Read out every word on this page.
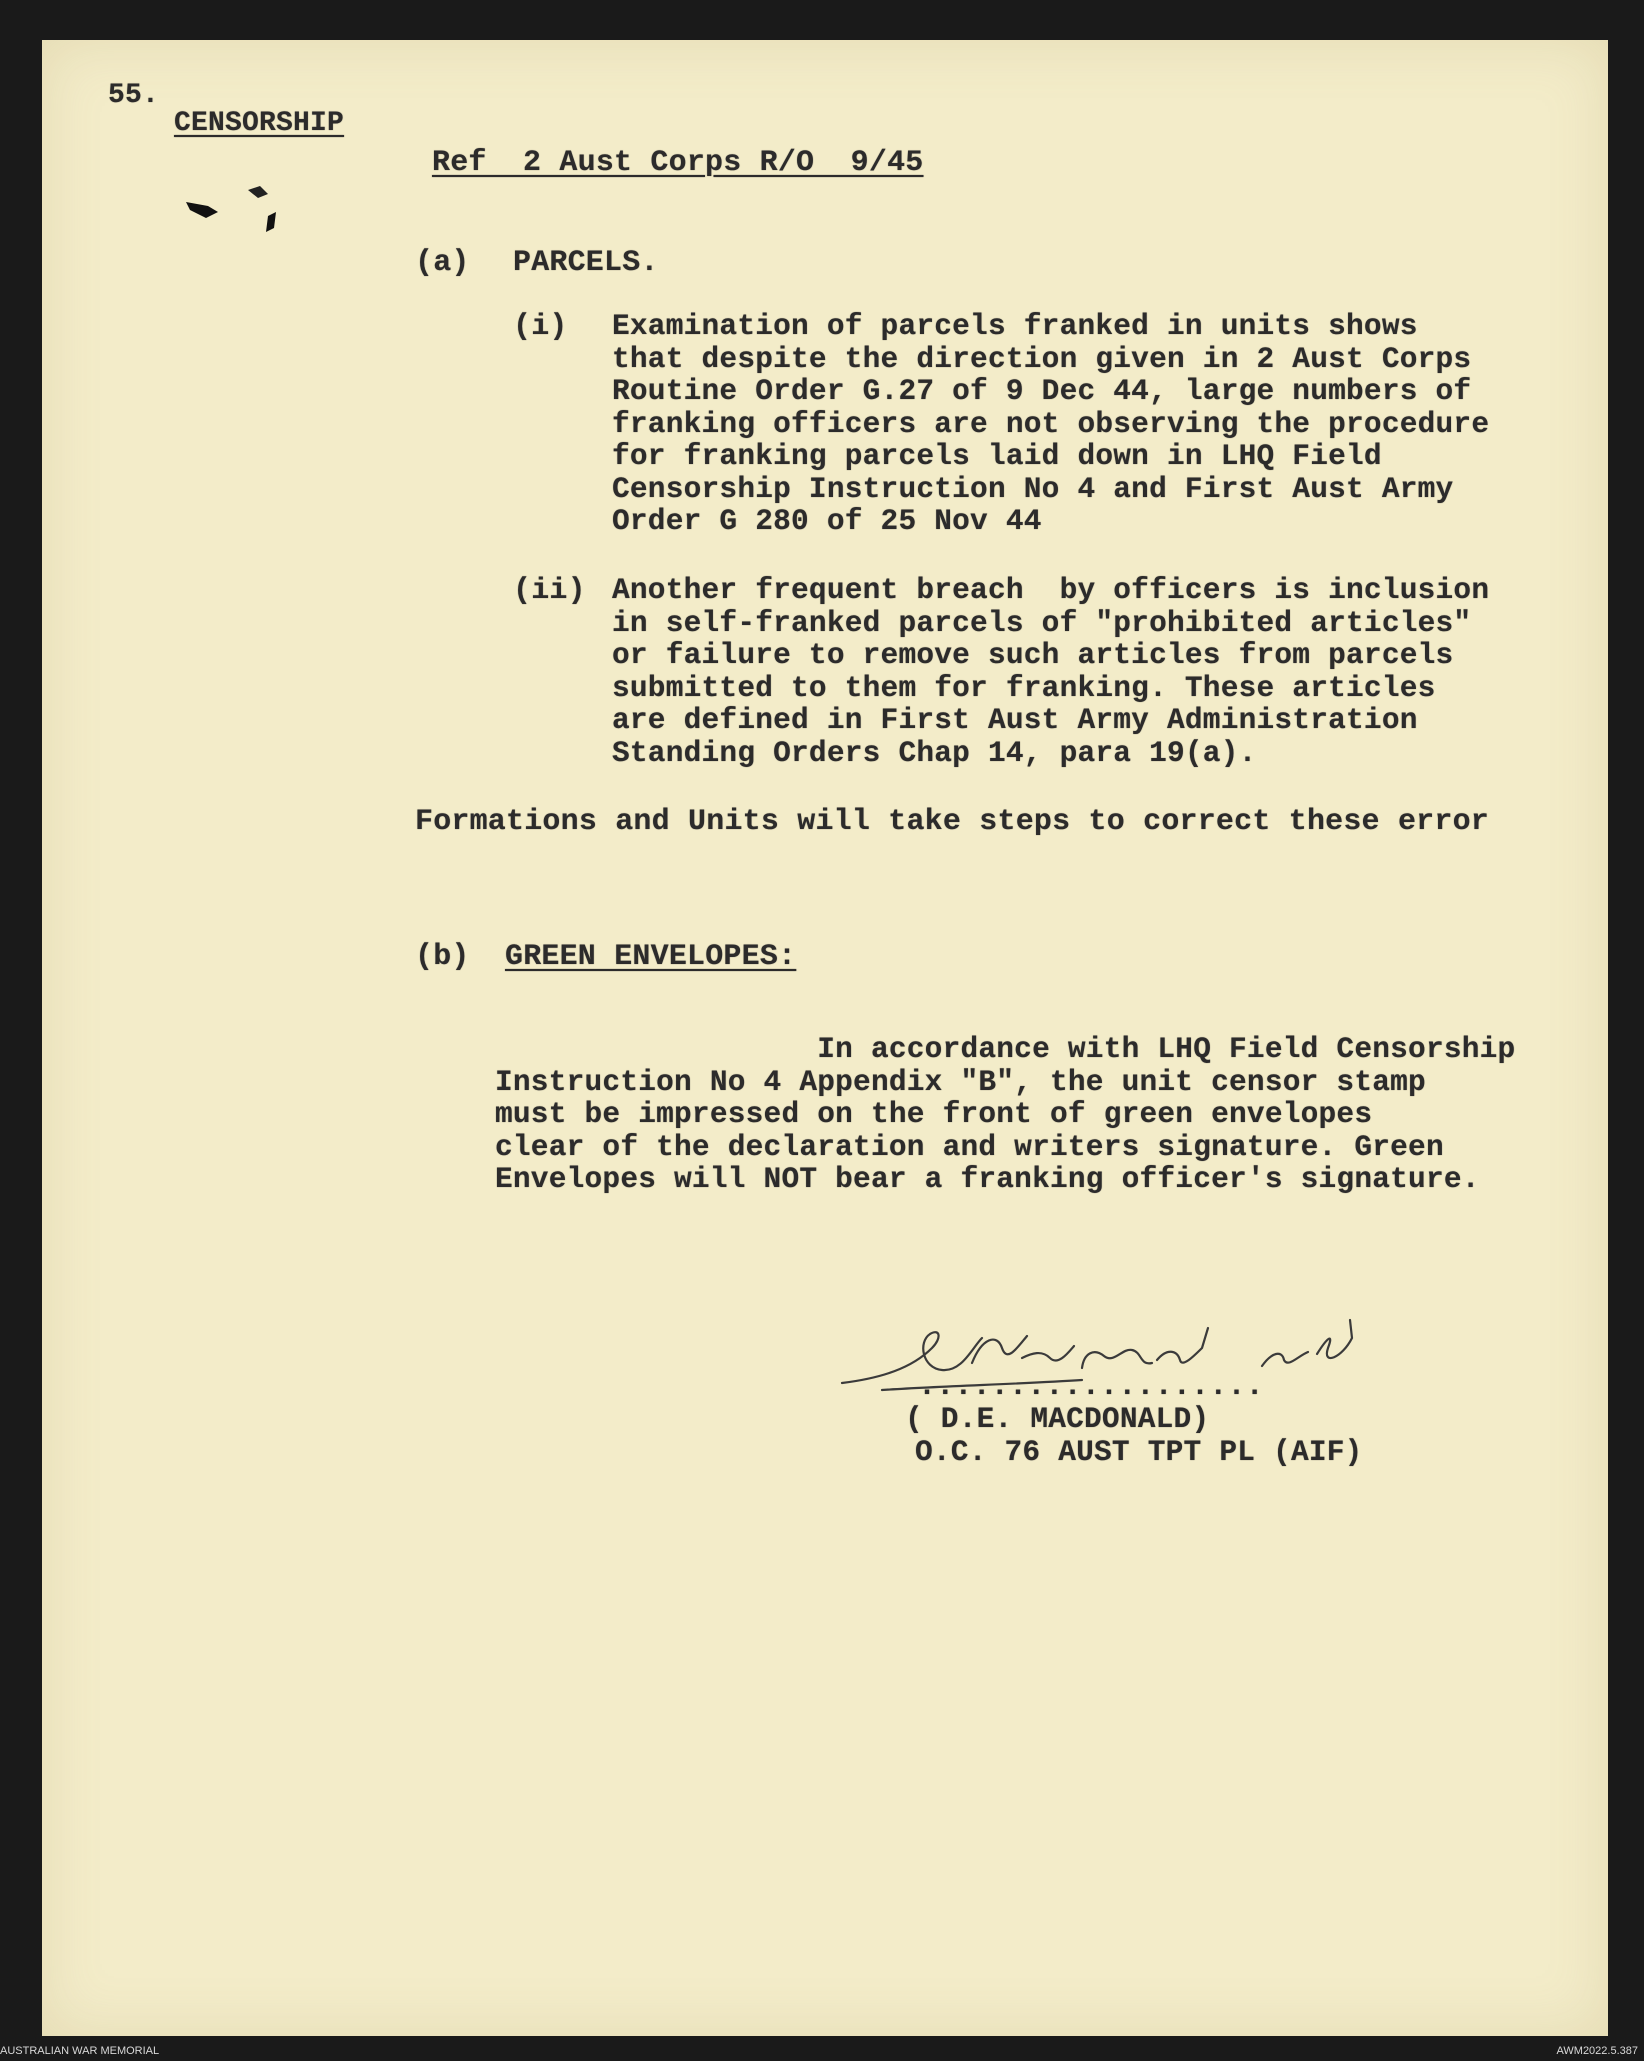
55.

CENSORSHIP

Ref  2 Aust Corps R/O  9/45

(a) PARCELS.

(i) Examination of parcels franked in units shows
that despite the direction given in 2 Aust Corps
Routine Order G.27 of 9 Dec 44, large numbers of
franking officers are not observing the procedure
for franking parcels laid down in LHQ Field
Censorship Instruction No 4 and First Aust Army
Order G 280 of 25 Nov 44

(ii) Another frequent breach  by officers is inclusion
in self-franked parcels of "prohibited articles"
or failure to remove such articles from parcels
submitted to them for franking. These articles
are defined in First Aust Army Administration
Standing Orders Chap 14, para 19(a).

Formations and Units will take steps to correct these error

(b) GREEN ENVELOPES:

In accordance with LHQ Field Censorship
Instruction No 4 Appendix "B", the unit censor stamp
must be impressed on the front of green envelopes
clear of the declaration and writers signature. Green
Envelopes will NOT bear a franking officer's signature.

...................

( D.E. MACDONALD)

O.C. 76 AUST TPT PL (AIF)

AUSTRALIAN WAR MEMORIAL	AWM2022.5.387
